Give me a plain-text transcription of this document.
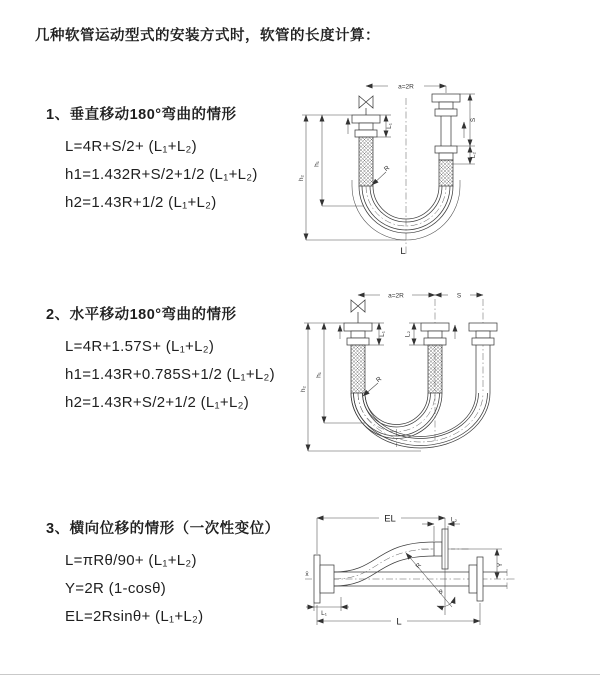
几种软管运动型式的安装方式时，软管的长度计算：

1、垂直移动180°弯曲的情形

L=4R+S/2+ (L₁+L₂)

h1=1.432R+S/2+1/2 (L₁+L₂)

h2=1.43R+1/2 (L₁+L₂)

2、水平移动180°弯曲的情形

L=4R+1.57S+ (L₁+L₂)

h1=1.43R+0.785S+1/2 (L₁+L₂)

h2=1.43R+S/2+1/2 (L₁+L₂)

3、横向位移的情形（一次性变位）

L=πRθ/90+ (L₁+L₂)

Y=2R (1-cosθ)

EL=2Rsinθ+ (L₁+L₂)

a=2R
L₁
S
L₂
R
h₂
h₁
L
a=2R	S
L₁	L₂
R
h₂
h₁
x̄
EL	L₂
Y
θ
R
L
L₁
